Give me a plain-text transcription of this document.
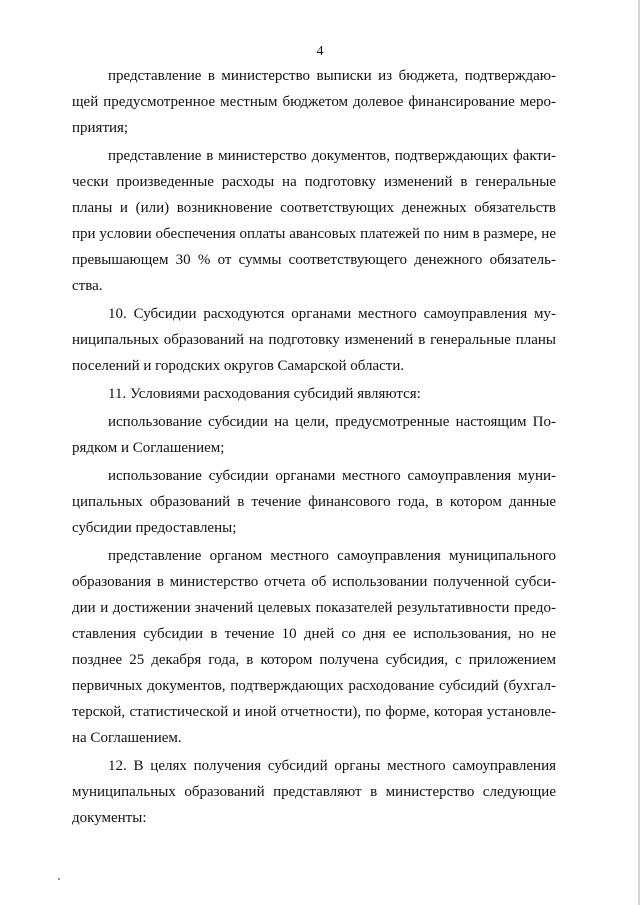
4
представление в министерство выписки из бюджета, подтверждаю-
щей предусмотренное местным бюджетом долевое финансирование меро-
приятия;
представление в министерство документов, подтверждающих факти-
чески произведенные расходы на подготовку изменений в генеральные
планы и (или) возникновение соответствующих денежных обязательств
при условии обеспечения оплаты авансовых платежей по ним в размере, не
превышающем 30 % от суммы соответствующего денежного обязатель-
ства.
10. Субсидии расходуются органами местного самоуправления му-
ниципальных образований на подготовку изменений в генеральные планы
поселений и городских округов Самарской области.
11. Условиями расходования субсидий являются:
использование субсидии на цели, предусмотренные настоящим По-
рядком и Соглашением;
использование субсидии органами местного самоуправления муни-
ципальных образований в течение финансового года, в котором данные
субсидии предоставлены;
представление органом местного самоуправления муниципального
образования в министерство отчета об использовании полученной субси-
дии и достижении значений целевых показателей результативности предо-
ставления субсидии в течение 10 дней со дня ее использования, но не
позднее 25 декабря года, в котором получена субсидия, с приложением
первичных документов, подтверждающих расходование субсидий (бухгал-
терской, статистической и иной отчетности), по форме, которая установле-
на Соглашением.
12. В целях получения субсидий органы местного самоуправления
муниципальных образований представляют в министерство следующие
документы:
